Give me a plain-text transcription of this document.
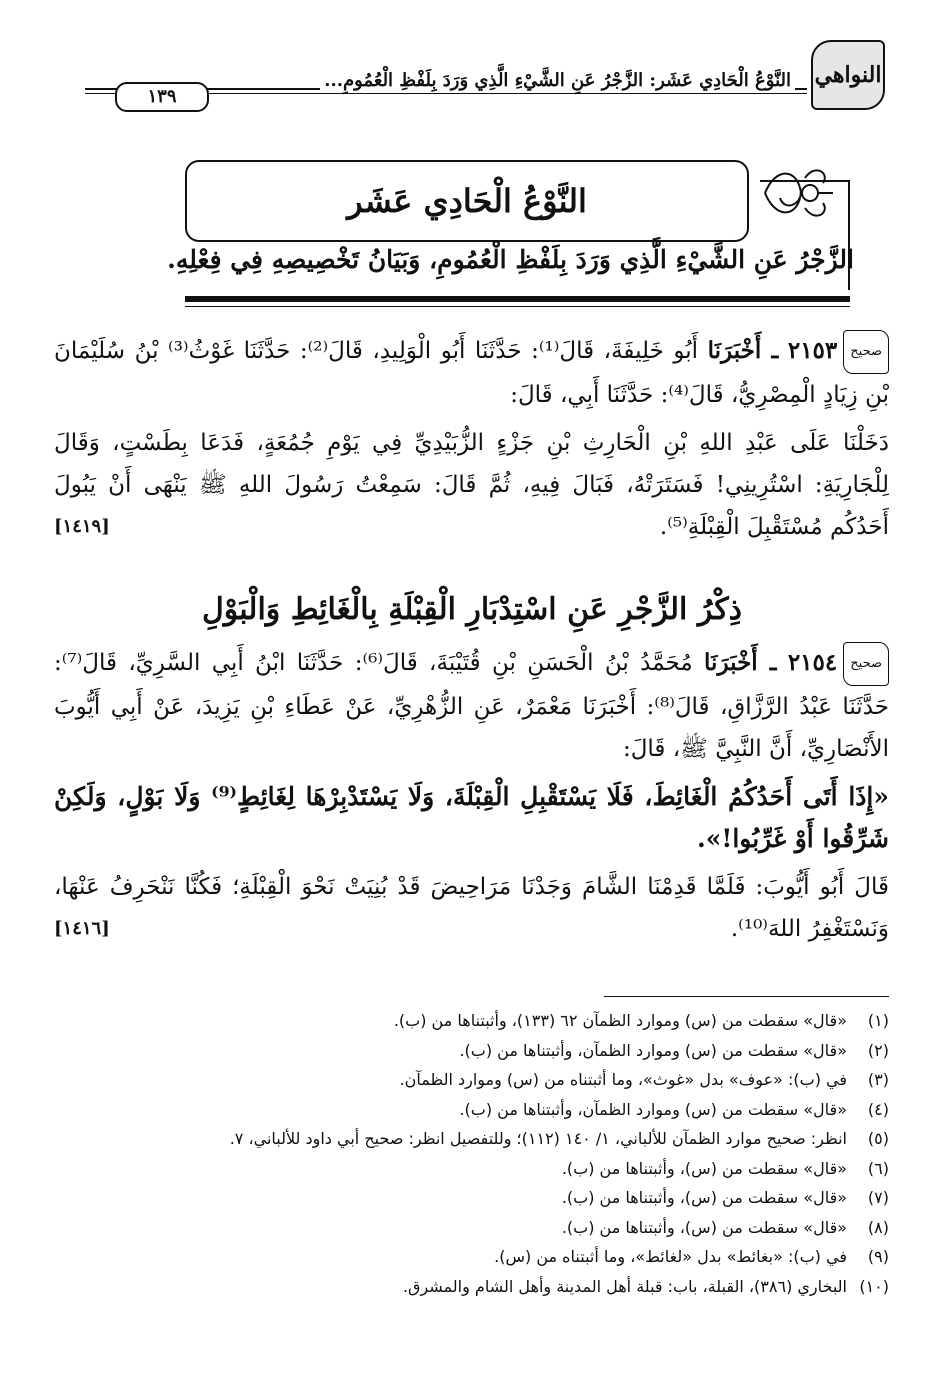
النَّوْعُ الْحَادِي عَشَر: الزَّجْرُ عَنِ الشَّيْءِ الَّذِي وَرَدَ بِلَفْظِ الْعُمُومِ...
١٣٩
النواهي
النَّوْعُ الْحَادِي عَشَر
الزَّجْرُ عَنِ الشَّيْءِ الَّذِي وَرَدَ بِلَفْظِ الْعُمُومِ، وَبَيَانُ تَخْصِيصِهِ فِي فِعْلِهِ.
صحيح٢١٥٣ ـ أَخْبَرَنَا أَبُو خَلِيفَةَ، قَالَ⁽¹⁾: حَدَّثَنَا أَبُو الْوَلِيدِ، قَالَ⁽²⁾: حَدَّثَنَا غَوْثُ⁽³⁾ بْنُ سُلَيْمَانَ بْنِ زِيَادٍ الْمِصْرِيُّ، قَالَ⁽⁴⁾: حَدَّثَنَا أَبِي، قَالَ:
دَخَلْنَا عَلَى عَبْدِ اللهِ بْنِ الْحَارِثِ بْنِ جَزْءٍ الزُّبَيْدِيِّ فِي يَوْمِ جُمُعَةٍ، فَدَعَا بِطَسْتٍ، وَقَالَ لِلْجَارِيَةِ: اسْتُرِينِي! فَسَتَرَتْهُ، فَبَالَ فِيهِ، ثُمَّ قَالَ: سَمِعْتُ رَسُولَ اللهِ ﷺ يَنْهَى أَنْ يَبُولَ أَحَدُكُم مُسْتَقْبِلَ الْقِبْلَةِ⁽⁵⁾.
[١٤١٩]
ذِكْرُ الزَّجْرِ عَنِ اسْتِدْبَارِ الْقِبْلَةِ بِالْغَائِطِ وَالْبَوْلِ
صحيح٢١٥٤ ـ أَخْبَرَنَا مُحَمَّدُ بْنُ الْحَسَنِ بْنِ قُتَيْبَةَ، قَالَ⁽⁶⁾: حَدَّثَنَا ابْنُ أَبِي السَّرِيِّ، قَالَ⁽⁷⁾: حَدَّثَنَا عَبْدُ الرَّزَّاقِ، قَالَ⁽⁸⁾: أَخْبَرَنَا مَعْمَرٌ، عَنِ الزُّهْرِيِّ، عَنْ عَطَاءِ بْنِ يَزِيدَ، عَنْ أَبِي أَيُّوبَ الأَنْصَارِيِّ، أَنَّ النَّبِيَّ ﷺ، قَالَ:
«إِذَا أَتَى أَحَدُكُمُ الْغَائِطَ، فَلَا يَسْتَقْبِلِ الْقِبْلَةَ، وَلَا يَسْتَدْبِرْهَا لِغَائِطٍ⁽⁹⁾ وَلَا بَوْلٍ، وَلَكِنْ شَرِّقُوا أَوْ غَرِّبُوا!».
قَالَ أَبُو أَيُّوبَ: فَلَمَّا قَدِمْنَا الشَّامَ وَجَدْنَا مَرَاحِيضَ قَدْ بُنِيَتْ نَحْوَ الْقِبْلَةِ؛ فَكُنَّا نَنْحَرِفُ عَنْهَا، وَنَسْتَغْفِرُ اللهَ⁽¹⁰⁾.
[١٤١٦]
(١)«قال» سقطت من (س) وموارد الظمآن ٦٢ (١٣٣)، وأثبتناها من (ب).
(٢)«قال» سقطت من (س) وموارد الظمآن، وأثبتناها من (ب).
(٣)في (ب): «عوف» بدل «غوث»، وما أثبتناه من (س) وموارد الظمآن.
(٤)«قال» سقطت من (س) وموارد الظمآن، وأثبتناها من (ب).
(٥)انظر: صحيح موارد الظمآن للألباني، ١/ ١٤٠ (١١٢)؛ وللتفصيل انظر: صحيح أبي داود للألباني، ٧.
(٦)«قال» سقطت من (س)، وأثبتناها من (ب).
(٧)«قال» سقطت من (س)، وأثبتناها من (ب).
(٨)«قال» سقطت من (س)، وأثبتناها من (ب).
(٩)في (ب): «بغائط» بدل «لغائط»، وما أثبتناه من (س).
(١٠)البخاري (٣٨٦)، القبلة، باب: قبلة أهل المدينة وأهل الشام والمشرق.
